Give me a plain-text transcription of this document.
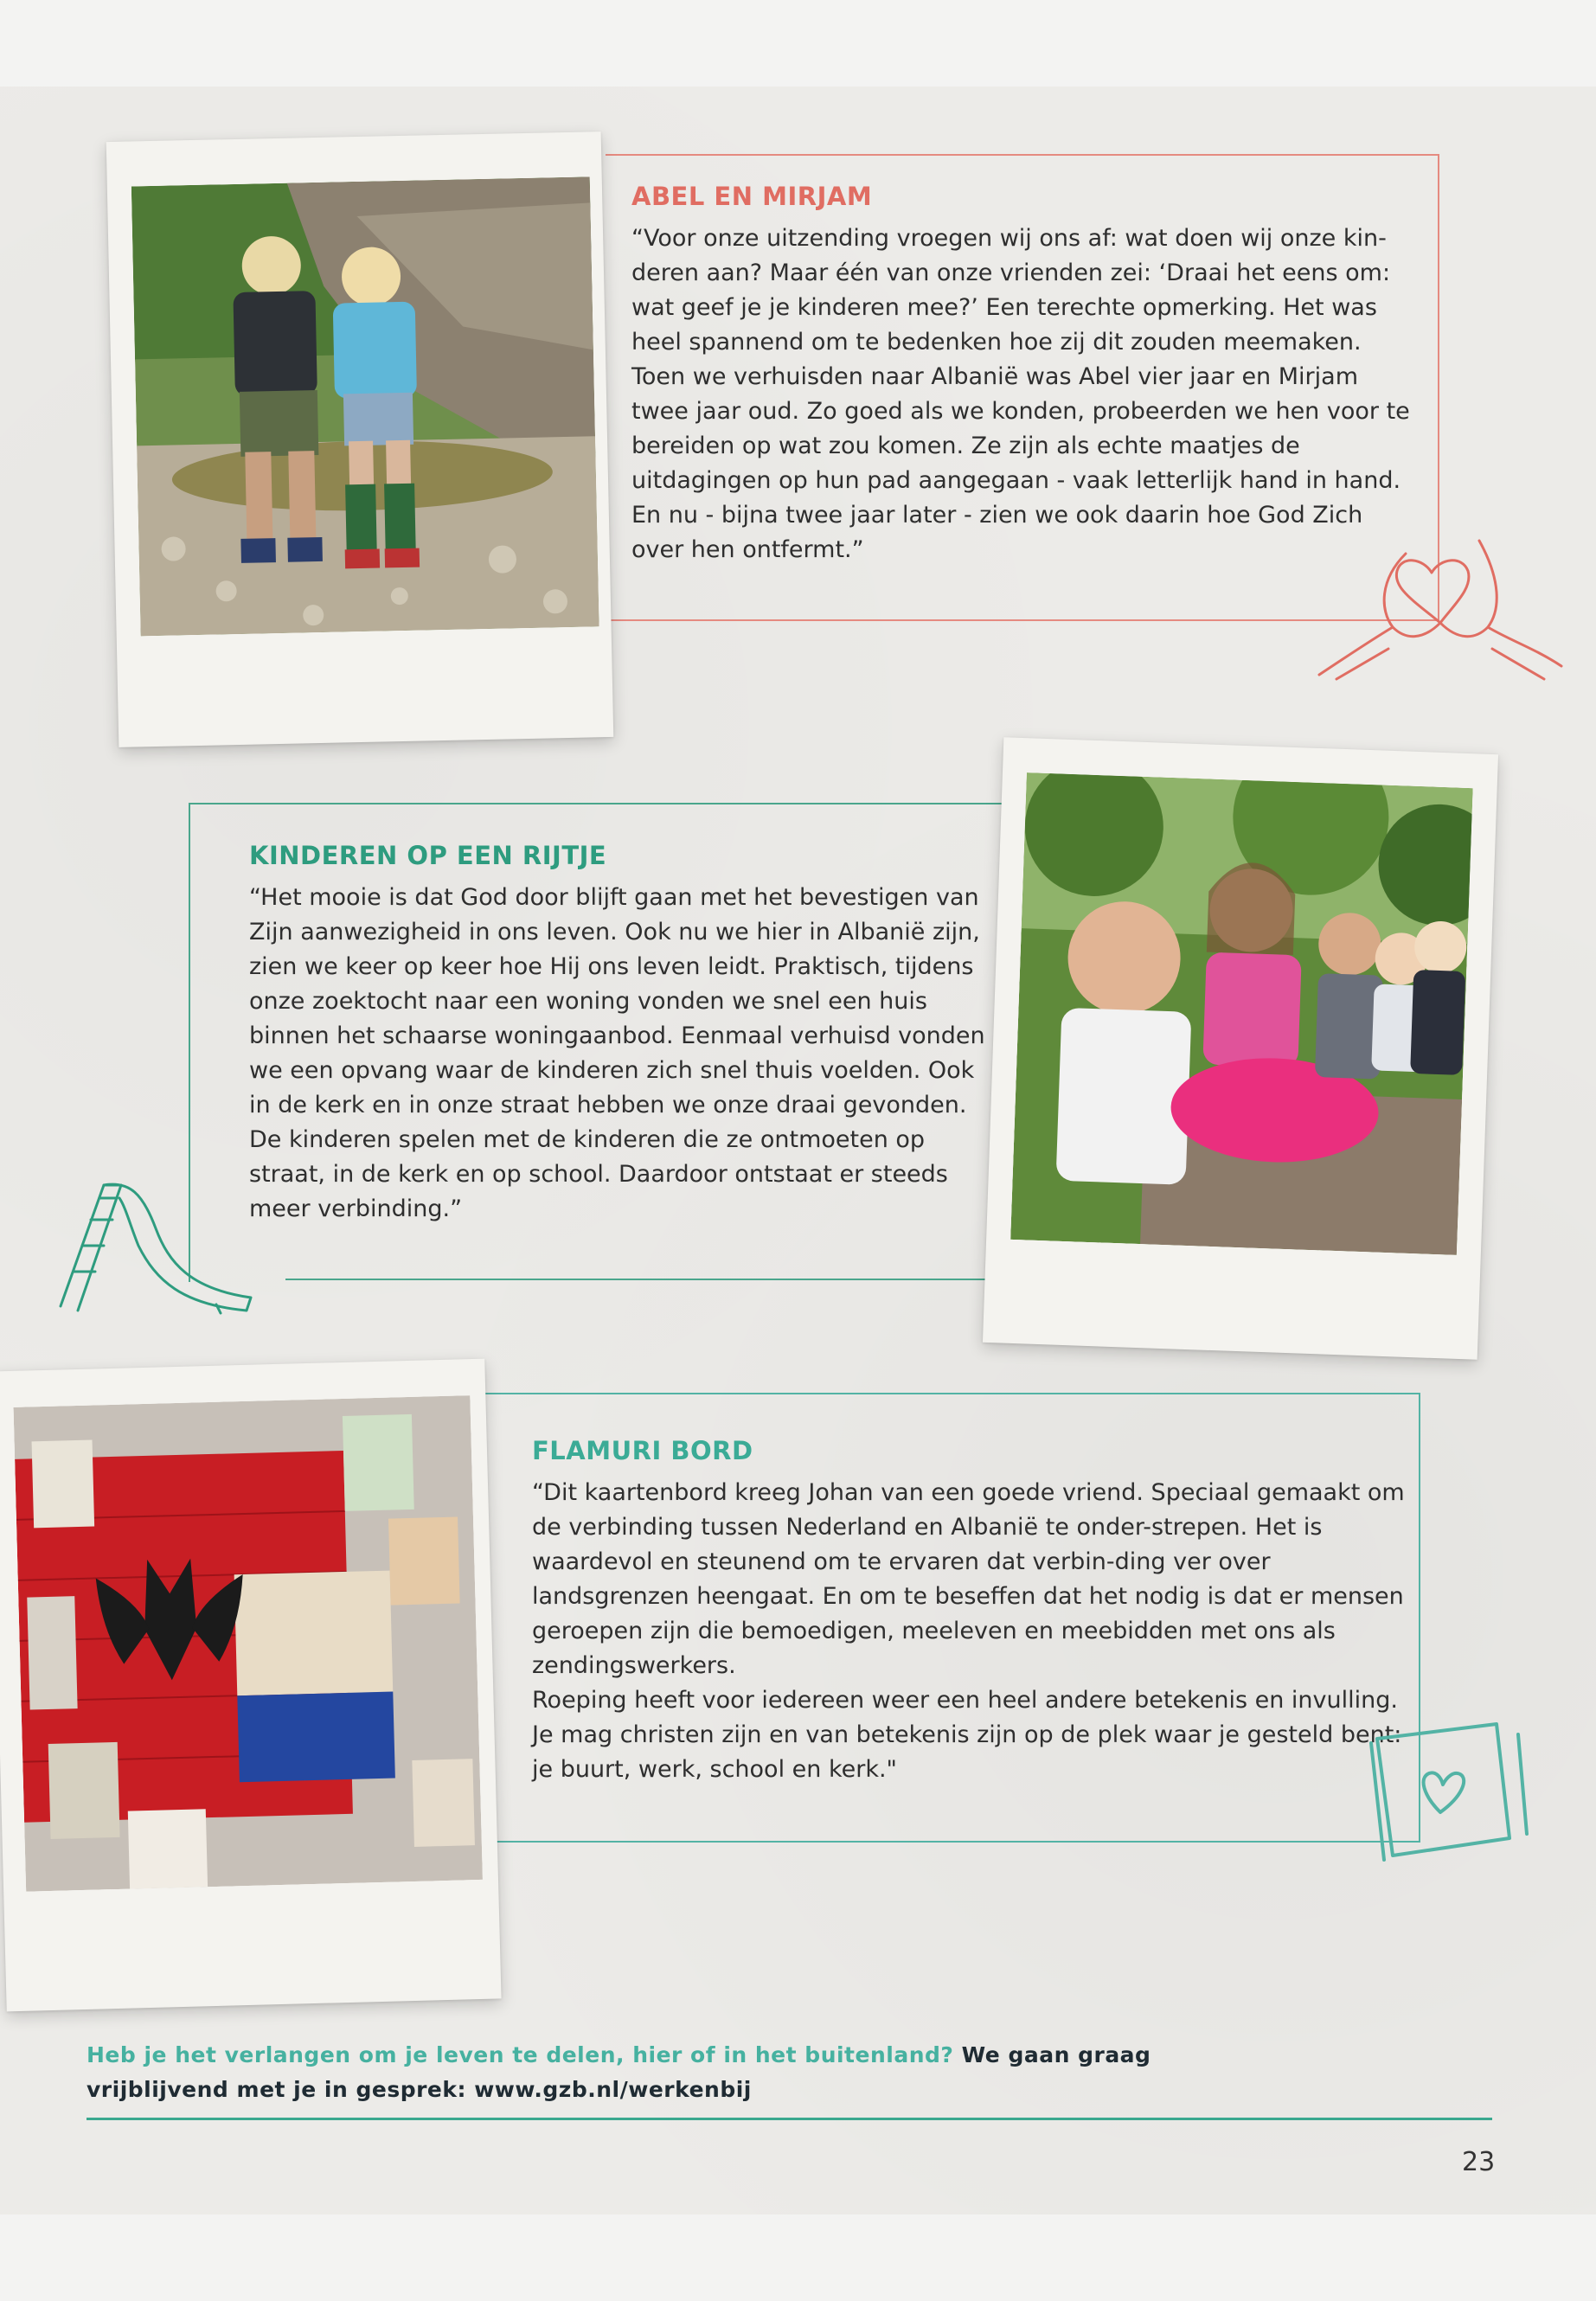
ABEL EN MIRJAM

“Voor onze uitzending vroegen wij ons af: wat doen wij onze kin-deren aan? Maar één van onze vrienden zei: ‘Draai het eens om: wat geef je je kinderen mee?’ Een terechte opmerking. Het was heel spannend om te bedenken hoe zij dit zouden meemaken. Toen we verhuisden naar Albanië was Abel vier jaar en Mirjam twee jaar oud. Zo goed als we konden, probeerden we hen voor te bereiden op wat zou komen. Ze zijn als echte maatjes de uitdagingen op hun pad aangegaan - vaak letterlijk hand in hand. En nu - bijna twee jaar later - zien we ook daarin hoe God Zich over hen ontfermt.”

KINDEREN OP EEN RIJTJE

“Het mooie is dat God door blijft gaan met het bevestigen van Zijn aanwezigheid in ons leven. Ook nu we hier in Albanië zijn, zien we keer op keer hoe Hij ons leven leidt. Praktisch, tijdens onze zoektocht naar een woning vonden we snel een huis binnen het schaarse woningaanbod. Eenmaal verhuisd vonden we een opvang waar de kinderen zich snel thuis voelden. Ook in de kerk en in onze straat hebben we onze draai gevonden. De kinderen spelen met de kinderen die ze ontmoeten op straat, in de kerk en op school. Daardoor ontstaat er steeds meer verbinding.”

FLAMURI BORD

“Dit kaartenbord kreeg Johan van een goede vriend. Speciaal gemaakt om de verbinding tussen Nederland en Albanië te onder-strepen. Het is waardevol en steunend om te ervaren dat verbin-ding ver over landsgrenzen heengaat. En om te beseffen dat het nodig is dat er mensen geroepen zijn die bemoedigen, meeleven en meebidden met ons als zendingswerkers.

Roeping heeft voor iedereen weer een heel andere betekenis en invulling. Je mag christen zijn en van betekenis zijn op de plek waar je gesteld bent: je buurt, werk, school en kerk."

Heb je het verlangen om je leven te delen, hier of in het buitenland? We gaan graag vrijblijvend met je in gesprek: www.gzb.nl/werkenbij
23
